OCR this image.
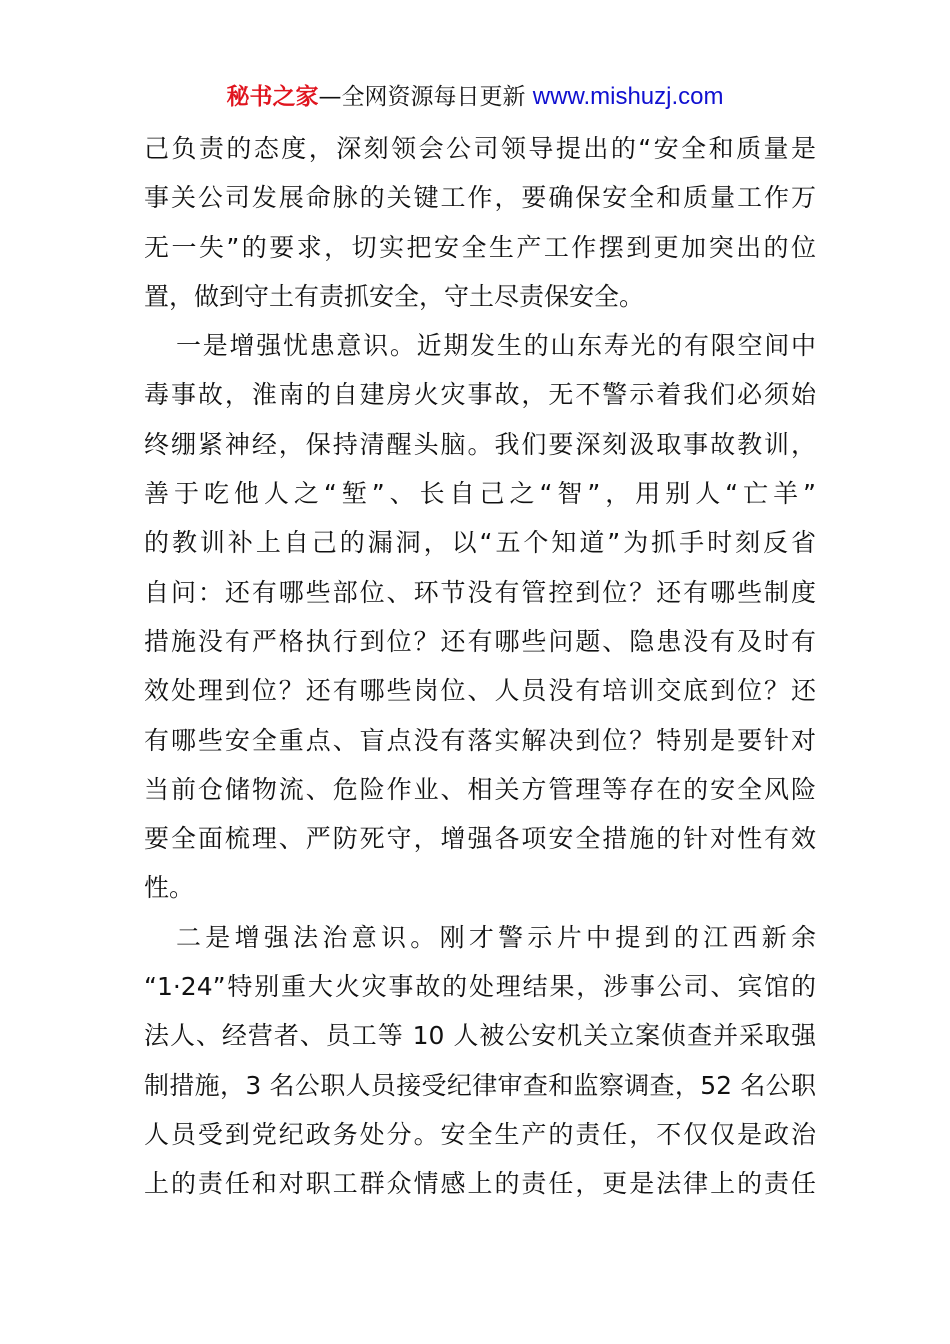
秘书之家—全网资源每日更新 www.mishuzj.com
己负责的态度，深刻领会公司领导提出的“安全和质量是
事关公司发展命脉的关键工作，要确保安全和质量工作万
无一失”的要求，切实把安全生产工作摆到更加突出的位
置，做到守土有责抓安全，守土尽责保安全。
一是增强忧患意识。近期发生的山东寿光的有限空间中
毒事故，淮南的自建房火灾事故，无不警示着我们必须始
终绷紧神经，保持清醒头脑。我们要深刻汲取事故教训，
善于吃他人之“堑”、长自己之“智”，用别人“亡羊”
的教训补上自己的漏洞，以“五个知道”为抓手时刻反省
自问：还有哪些部位、环节没有管控到位？还有哪些制度
措施没有严格执行到位？还有哪些问题、隐患没有及时有
效处理到位？还有哪些岗位、人员没有培训交底到位？还
有哪些安全重点、盲点没有落实解决到位？特别是要针对
当前仓储物流、危险作业、相关方管理等存在的安全风险
要全面梳理、严防死守，增强各项安全措施的针对性有效
性。
二是增强法治意识。刚才警示片中提到的江西新余
“1·24”特别重大火灾事故的处理结果，涉事公司、宾馆的
法人、经营者、员工等 10 人被公安机关立案侦查并采取强
制措施，3 名公职人员接受纪律审查和监察调查，52 名公职
人员受到党纪政务处分。安全生产的责任，不仅仅是政治
上的责任和对职工群众情感上的责任，更是法律上的责任
